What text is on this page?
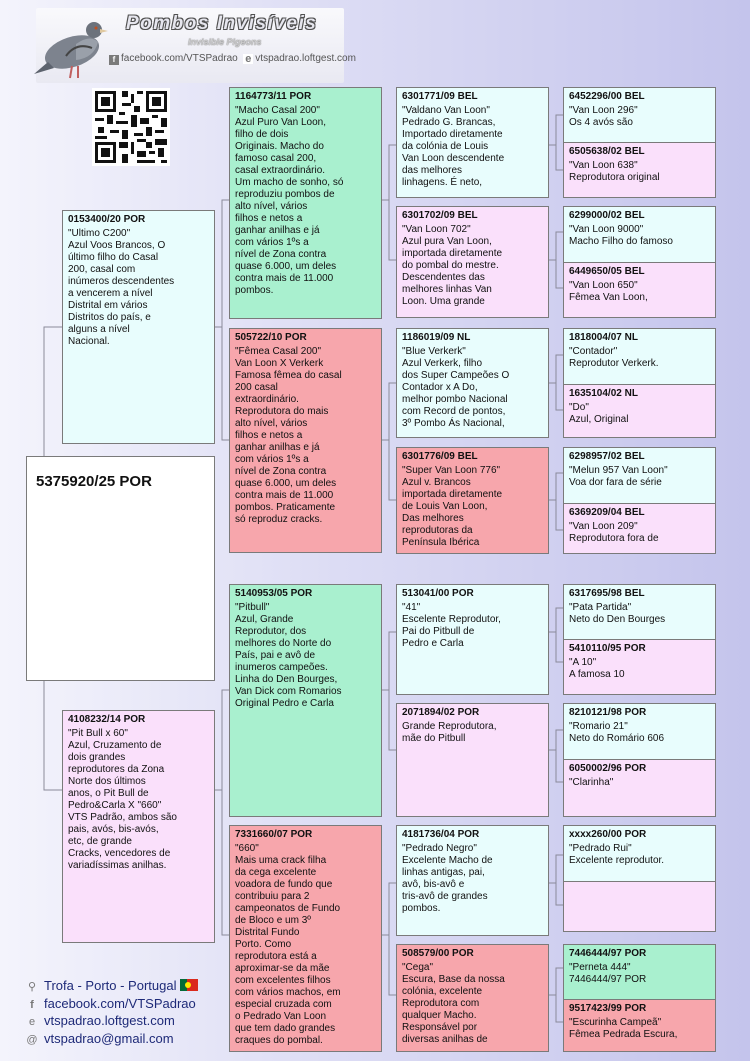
Pombos Invisíveis
Invisible Pigeons
f facebook.com/VTSPadrao e vtspadrao.loftgest.com
5375920/25 POR
0153400/20 POR
"Ultimo C200"
Azul Voos Brancos, O
último filho do Casal
200, casal com
inúmeros descendentes
a vencerem a nível
Distrital em vários
Distritos do país, e
alguns a nível
Nacional.
4108232/14 POR
"Pit Bull x 60"
Azul, Cruzamento de
dois grandes
reprodutores da Zona
Norte dos últimos
anos, o Pit Bull de
Pedro&Carla X "660"
VTS Padrão, ambos são
pais, avós, bis-avós,
etc, de grande
Cracks, vencedores de
variadíssimas anilhas.
1164773/11 POR
"Macho Casal 200"
Azul Puro Van Loon,
filho de dois
Originais. Macho do
famoso casal 200,
casal extraordinário.
Um macho de sonho, só
reproduziu pombos de
alto nível, vários
filhos e netos a
ganhar anilhas e já
com vários 1ºs a
nível de Zona contra
quase 6.000, um deles
contra mais de 11.000
pombos.
505722/10 POR
"Fêmea Casal 200"
Van Loon X Verkerk
Famosa fêmea do casal
200 casal
extraordinário.
Reprodutora do mais
alto nível, vários
filhos e netos a
ganhar anilhas e já
com vários 1ºs a
nível de Zona contra
quase 6.000, um deles
contra mais de 11.000
pombos. Praticamente
só reproduz cracks.
5140953/05 POR
"Pitbull"
Azul, Grande
Reprodutor, dos
melhores do Norte do
País, pai e avô de
inumeros campeões.
Linha do Den Bourges,
Van Dick com Romarios
Original Pedro e Carla
7331660/07 POR
"660"
Mais uma crack filha
da cega excelente
voadora de fundo que
contribuiu para 2
campeonatos de Fundo
de Bloco e um 3º
Distrital Fundo
Porto. Como
reprodutora está a
aproximar-se da mãe
com excelentes filhos
com vários machos, em
especial cruzada com
o Pedrado Van Loon
que tem dado grandes
craques do pombal.
6301771/09 BEL
"Valdano Van Loon"
Pedrado G. Brancas,
Importado diretamente
da colónia de Louis
Van Loon descendente
das melhores
linhagens. É neto,
6301702/09 BEL
"Van Loon 702"
Azul pura Van Loon,
importada diretamente
do pombal do mestre.
Descendentes das
melhores linhas Van
Loon. Uma grande
1186019/09 NL
"Blue Verkerk"
Azul Verkerk, filho
dos Super Campeões O
Contador x A Do,
melhor pombo Nacional
com Record de pontos,
3º Pombo Ás Nacional,
6301776/09 BEL
"Super Van Loon 776"
Azul v. Brancos
importada diretamente
de Louis Van Loon,
Das melhores
reprodutoras da
Península Ibérica
513041/00 POR
"41"
Escelente Reprodutor,
Pai do Pitbull de
Pedro e Carla
2071894/02 POR
Grande Reprodutora,
mãe do Pitbull
4181736/04 POR
"Pedrado Negro"
Excelente Macho de
linhas antigas, pai,
avô, bis-avô e
tris-avô de grandes
pombos.
508579/00 POR
"Cega"
Escura, Base da nossa
colónia, excelente
Reprodutora com
qualquer Macho.
Responsável por
diversas anilhas de
6452296/00 BEL
"Van Loon 296"
Os 4 avós são
6505638/02 BEL
"Van Loon 638"
Reprodutora original
6299000/02 BEL
"Van Loon 9000"
Macho Filho do famoso
6449650/05 BEL
"Van Loon 650"
Fêmea Van Loon,
1818004/07 NL
"Contador"
Reprodutor Verkerk.
1635104/02 NL
"Do"
Azul, Original
6298957/02 BEL
"Melun 957 Van Loon"
Voa dor fara de série
6369209/04 BEL
"Van Loon 209"
Reprodutora fora de
6317695/98 BEL
"Pata Partida"
Neto do Den Bourges
5410110/95 POR
"A 10"
A famosa 10
8210121/98 POR
"Romario 21"
Neto do Romário 606
6050002/96 POR
"Clarinha"
xxxx260/00 POR
"Pedrado Rui"
Excelente reprodutor.
7446444/97 POR
"Perneta 444"
7446444/97 POR
9517423/99 POR
"Escurinha Campeã"
Fêmea Pedrada Escura,
⚲ Trofa - Porto - Portugal
f facebook.com/VTSPadrao
e vtspadrao.loftgest.com
@ vtspadrao@gmail.com
